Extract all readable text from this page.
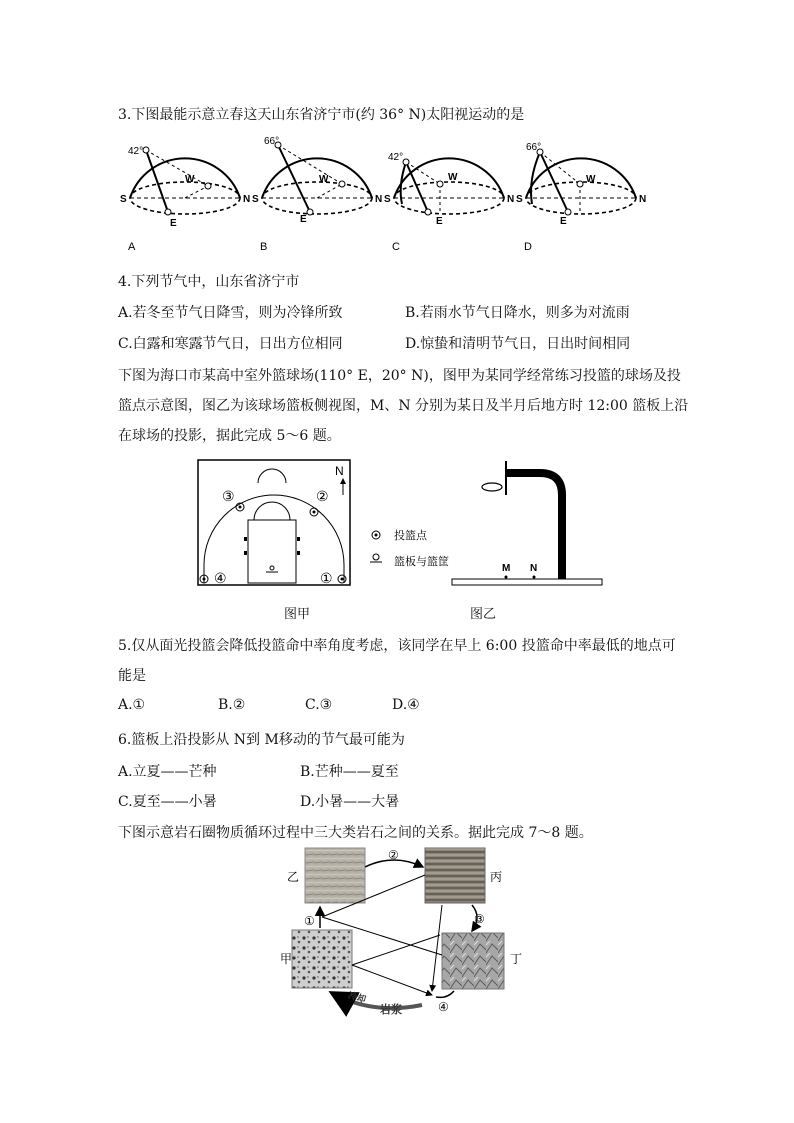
3.下图最能示意立春这天山东省济宁市(约 36° N)太阳视运动的是
42°
S	N
W
E
A
66°
S	N
W
E
B
42°
S	N
W
E
C
66°
S	N
W
E
D
4.下列节气中，山东省济宁市
A.若冬至节气日降雪，则为冷锋所致	B.若雨水节气日降水，则多为对流雨
C.白露和寒露节气日，日出方位相同	D.惊蛰和清明节气日，日出时间相同
下图为海口市某高中室外篮球场(110° E，20° N)，图甲为某同学经常练习投篮的球场及投
篮点示意图，图乙为该球场篮板侧视图，M、N 分别为某日及半月后地方时 12:00 篮板上沿
在球场的投影，据此完成 5～6 题。
③	②
④	①
N
投篮点
篮板与篮筐
M N
图甲	图乙
5.仅从面光投篮会降低投篮命中率角度考虑，该同学在早上 6:00 投篮命中率最低的地点可
能是
A.①	B.②	C.③	D.④
6.篮板上沿投影从 N到 M移动的节气最可能为
A.立夏——芒种	B.芒种——夏至
C.夏至——小暑	D.小暑——大暑
下图示意岩石圈物质循环过程中三大类岩石之间的关系。据此完成 7～8 题。
乙	丙
甲	丁
②
③
①
④
岩浆
冷却
